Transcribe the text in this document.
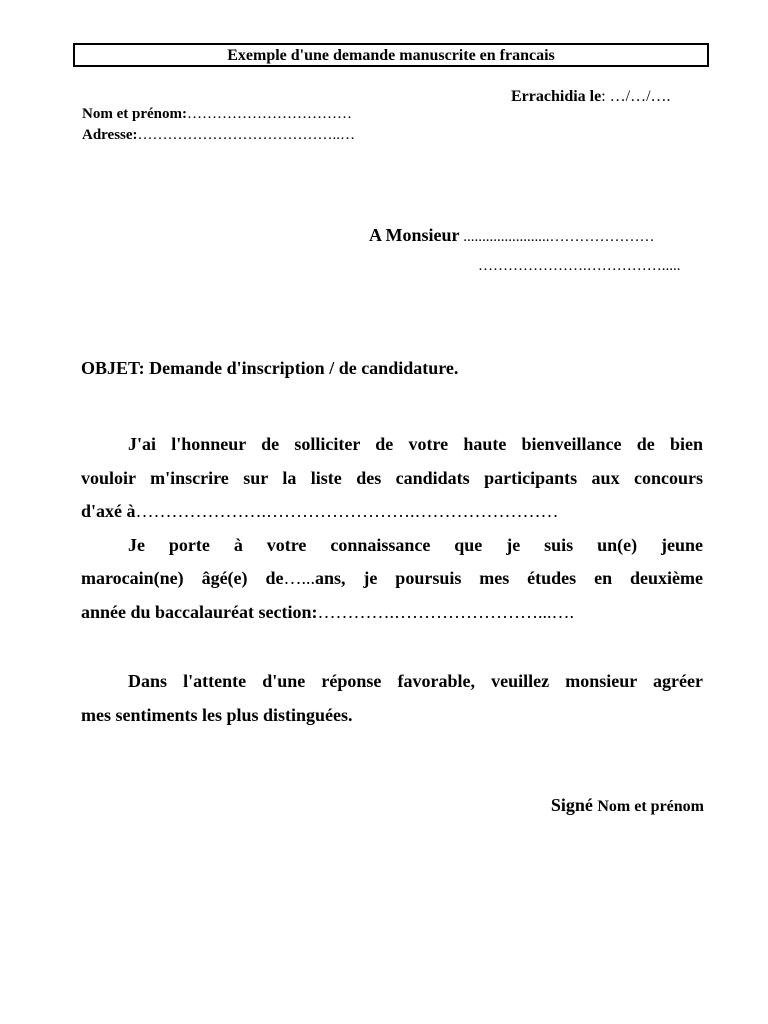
Exemple d'une demande manuscrite en francais
Errachidia le: …/…/….
Nom et prénom:……………………………
Adresse:…………………………………..…
A Monsieur .......................…………………
………………….…………….....
OBJET: Demande d'inscription / de candidature.
J'ai l'honneur de solliciter de votre haute bienveillance de bien
vouloir m'inscrire sur la liste des candidats participants aux concours
d'axé à………………….…………………….……………………
Je porte à votre connaissance que je suis un(e) jeune
marocain(ne) âgé(e) de…...ans, je poursuis mes études en deuxième
année du baccalauréat section:………….……………………...….
Dans l'attente d'une réponse favorable, veuillez monsieur agréer
mes sentiments les plus distinguées.
Signé Nom et prénom
